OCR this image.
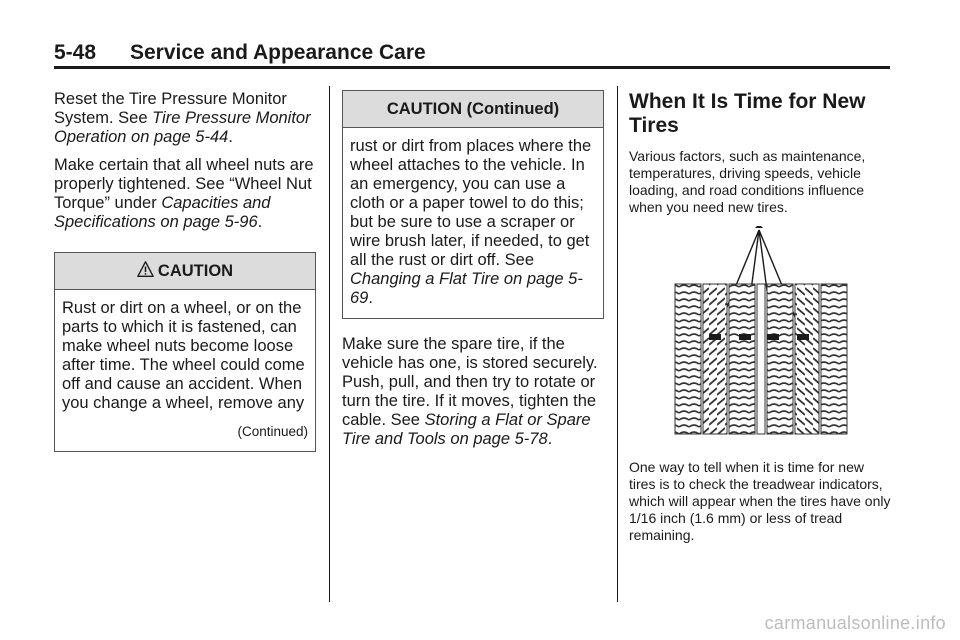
5-48 Service and Appearance Care

Reset the Tire Pressure Monitor System. See Tire Pressure Monitor Operation on page 5-44.

Make certain that all wheel nuts are properly tightened. See “Wheel Nut Torque” under Capacities and Specifications on page 5-96.

CAUTION
Rust or dirt on a wheel, or on the parts to which it is fastened, can make wheel nuts become loose after time. The wheel could come off and cause an accident. When you change a wheel, remove any
(Continued)
CAUTION (Continued)
rust or dirt from places where the wheel attaches to the vehicle. In an emergency, you can use a cloth or a paper towel to do this; but be sure to use a scraper or wire brush later, if needed, to get all the rust or dirt off. See Changing a Flat Tire on page 5-69.

Make sure the spare tire, if the vehicle has one, is stored securely. Push, pull, and then try to rotate or turn the tire. If it moves, tighten the cable. See Storing a Flat or Spare Tire and Tools on page 5-78.

When It Is Time for New Tires

Various factors, such as maintenance, temperatures, driving speeds, vehicle loading, and road conditions influence when you need new tires.

One way to tell when it is time for new tires is to check the treadwear indicators, which will appear when the tires have only 1/16 inch (1.6 mm) or less of tread remaining.

carmanualsonline.info
